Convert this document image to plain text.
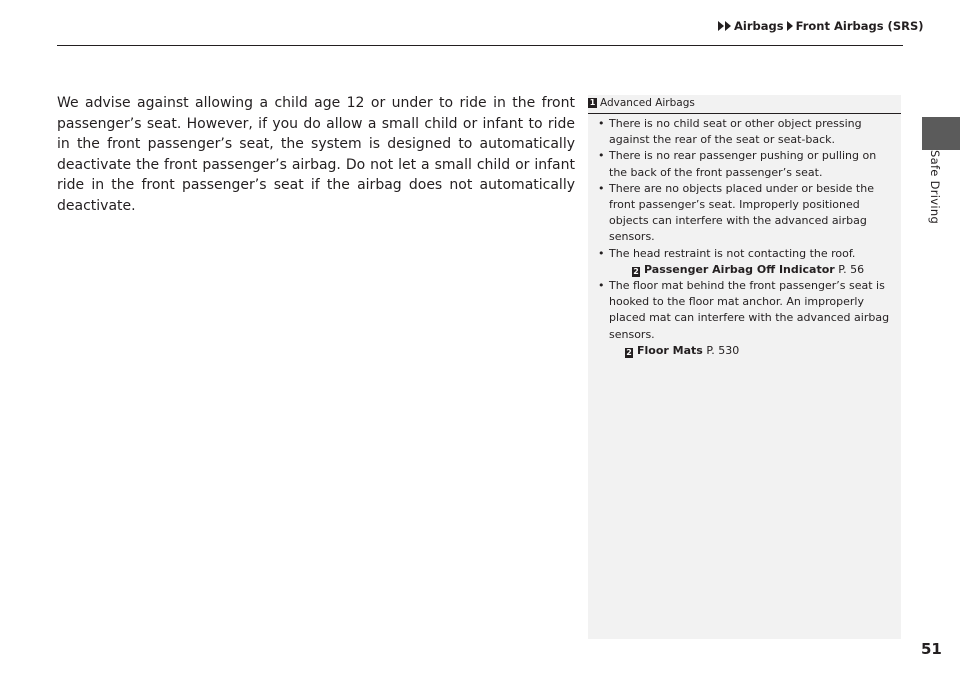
Airbags Front Airbags (SRS)
Safe Driving
We advise against allowing a child age 12 or under to ride in the front passenger’s seat. However, if you do allow a small child or infant to ride in the front passenger’s seat, the system is designed to automatically deactivate the front passenger’s airbag. Do not let a small child or infant ride in the front passenger’s seat if the airbag does not automatically deactivate.
1 Advanced Airbags
• There is no child seat or other object pressing against the rear of the seat or seat-back.
• There is no rear passenger pushing or pulling on the back of the front passenger’s seat.
• There are no objects placed under or beside the front passenger’s seat. Improperly positioned objects can interfere with the advanced airbag sensors.
• The head restraint is not contacting the roof.
2 Passenger Airbag Off Indicator P. 56
• The floor mat behind the front passenger’s seat is hooked to the floor mat anchor. An improperly placed mat can interfere with the advanced airbag sensors.
2 Floor Mats P. 530
51
